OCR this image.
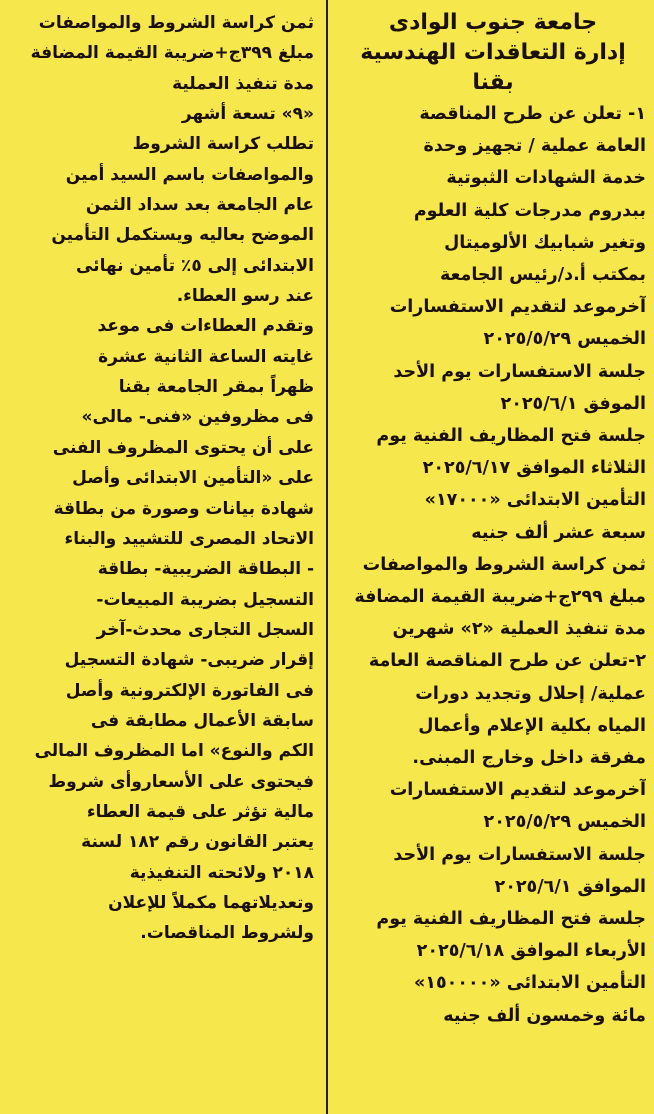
جامعة جنوب الوادى

إدارة التعاقدات الهندسية

بقنا

١- تعلن عن طرح المناقصة

العامة عملية / تجهيز وحدة

خدمة الشهادات الثبوتية

ببدروم مدرجات كلية العلوم

وتغير شبابيك الألوميتال

بمكتب أ.د/رئيس الجامعة

آخرموعد لتقديم الاستفسارات

الخميس ٢٠٢٥/٥/٢٩

جلسة الاستفسارات يوم الأحد

الموفق ٢٠٢٥/٦/١

جلسة فتح المظاريف الفنية يوم

الثلاثاء الموافق ٢٠٢٥/٦/١٧

التأمين الابتدائى «١٧٠٠٠»

سبعة عشر ألف جنيه

ثمن كراسة الشروط والمواصفات

مبلغ ٢٩٩ج+ضريبة القيمة المضافة

مدة تنفيذ العملية «٢» شهرين

٢-تعلن عن طرح المناقصة العامة

عملية/ إحلال وتجديد دورات

المياه بكلية الإعلام وأعمال

مفرقة داخل وخارج المبنى.

آخرموعد لتقديم الاستفسارات

الخميس ٢٠٢٥/٥/٢٩

جلسة الاستفسارات يوم الأحد

الموافق ٢٠٢٥/٦/١

جلسة فتح المظاريف الفنية يوم

الأربعاء الموافق ٢٠٢٥/٦/١٨

التأمين الابتدائى «١٥٠٠٠٠»

مائة وخمسون ألف جنيه

ثمن كراسة الشروط والمواصفات

مبلغ ٣٩٩ج+ضريبة القيمة المضافة

مدة تنفيذ العملية

«٩» تسعة أشهر

تطلب كراسة الشروط

والمواصفات باسم السيد أمين

عام الجامعة بعد سداد الثمن

الموضح بعاليه ويستكمل التأمين

الابتدائى إلى ٥٪ تأمين نهائى

عند رسو العطاء.

وتقدم العطاءات فى موعد

غايته الساعة الثانية عشرة

ظهراً بمقر الجامعة بقنا

فى مظروفين «فنى- مالى»

على أن يحتوى المظروف الفنى

على «التأمين الابتدائى وأصل

شهادة بيانات وصورة من بطاقة

الاتحاد المصرى للتشييد والبناء

- البطاقة الضريبية- بطاقة

التسجيل بضريبة المبيعات-

السجل التجارى محدث-آخر

إقرار ضريبى- شهادة التسجيل

فى الفاتورة الإلكترونية وأصل

سابقة الأعمال مطابقة فى

الكم والنوع» اما المظروف المالى

فيحتوى على الأسعاروأى شروط

مالية تؤثر على قيمة العطاء

يعتبر القانون رقم ١٨٢ لسنة

٢٠١٨ ولائحته التنفيذية

وتعديلاتهما مكملاً للإعلان

ولشروط المناقصات.
